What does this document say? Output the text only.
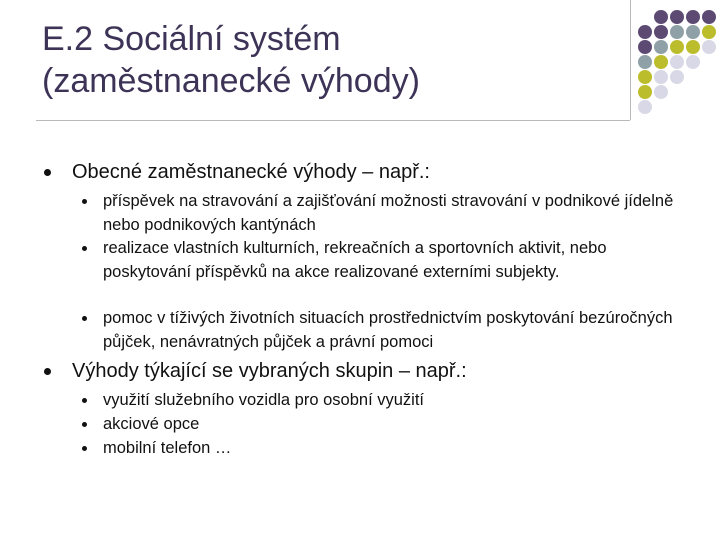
E.2 Sociální systém
(zaměstnanecké výhody)
Obecné zaměstnanecké výhody – např.:
příspěvek na stravování a zajišťování možnosti stravování v podnikové jídelně nebo podnikových kantýnách
realizace vlastních kulturních, rekreačních a sportovních aktivit, nebo poskytování příspěvků na akce realizované externími subjekty.
pomoc v tíživých životních situacích prostřednictvím poskytování bezúročných půjček, nenávratných půjček a právní pomoci
Výhody týkající se vybraných skupin – např.:
využití služebního vozidla pro osobní využití
akciové opce
mobilní telefon …
